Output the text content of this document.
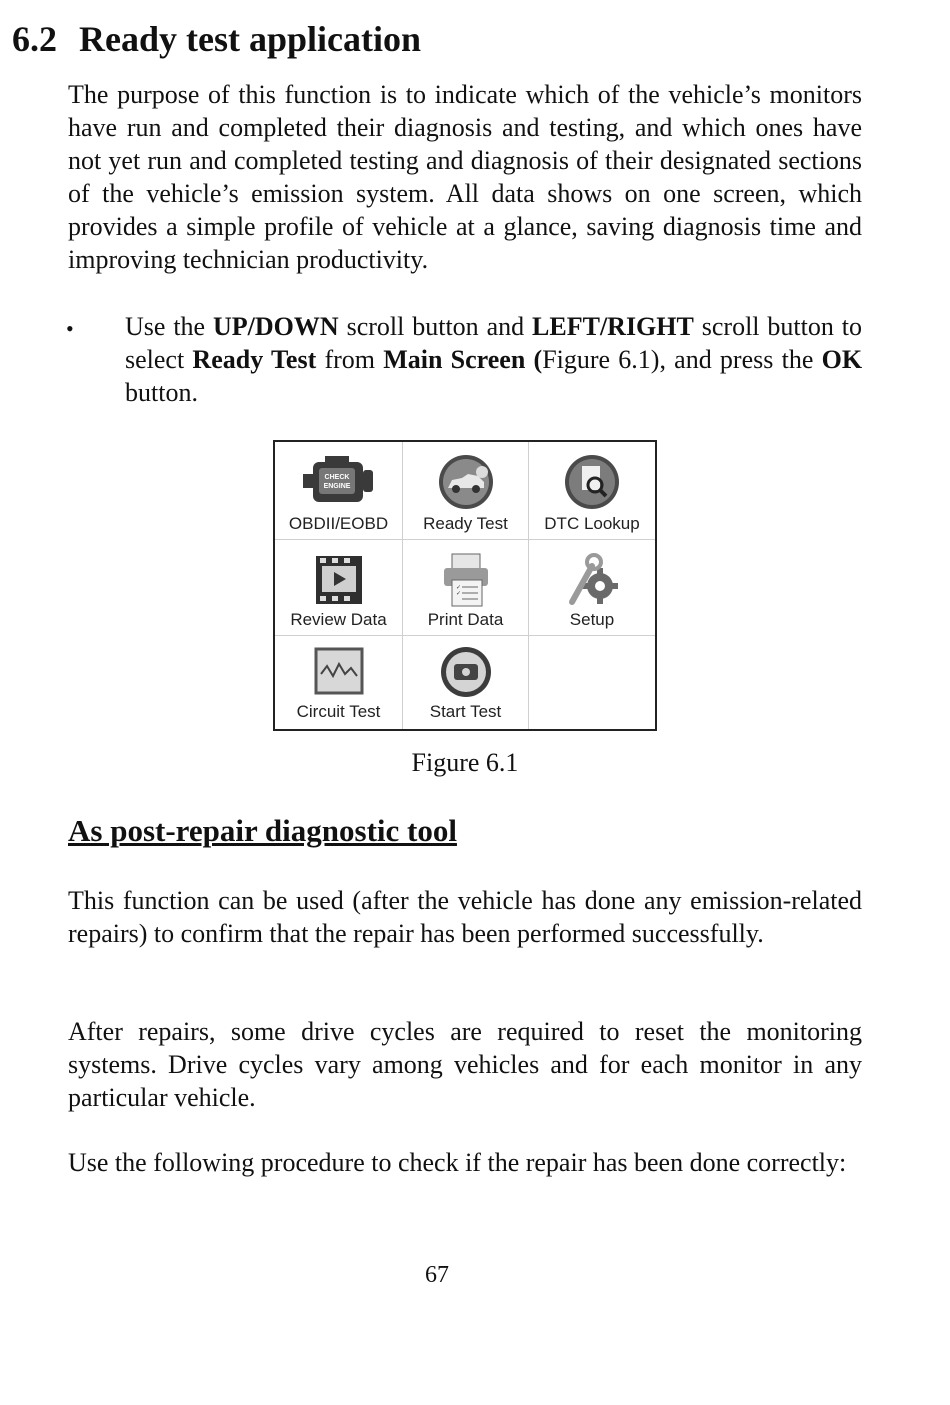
6.2 Ready test application

The purpose of this function is to indicate which of the vehicle’s monitors have run and completed their diagnosis and testing, and which ones have not yet run and completed testing and diagnosis of their designated sections of the vehicle’s emission system. All data shows on one screen, which provides a simple profile of vehicle at a glance, saving diagnosis time and improving technician productivity.

• Use the UP/DOWN scroll button and LEFT/RIGHT scroll button to select Ready Test from Main Screen (Figure 6.1), and press the OK button.

CHECK
ENGINE
OBDII/EOBD	Ready Test	DTC Lookup
Review Data
✓
✓
Print Data	Setup
Circuit Test	Start Test
Figure 6.1
As post-repair diagnostic tool

This function can be used (after the vehicle has done any emission-related repairs) to confirm that the repair has been performed successfully.

After repairs, some drive cycles are required to reset the monitoring systems. Drive cycles vary among vehicles and for each monitor in any particular vehicle.

Use the following procedure to check if the repair has been done correctly:

67
